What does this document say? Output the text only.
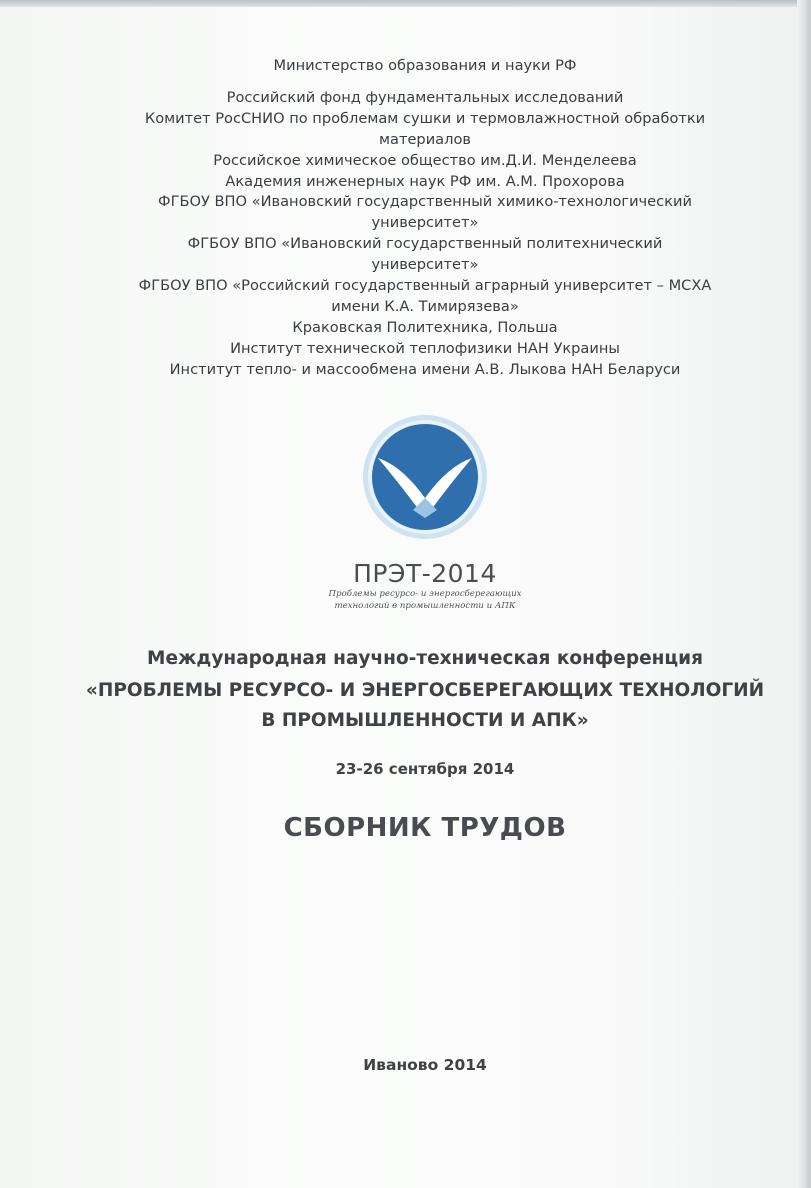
Министерство образования и науки РФ
Российский фонд фундаментальных исследований
Комитет РосСНИО по проблемам сушки и термовлажностной обработки
материалов
Российское химическое общество им.Д.И. Менделеева
Академия инженерных наук РФ им. А.М. Прохорова
ФГБОУ ВПО «Ивановский государственный химико-технологический
университет»
ФГБОУ ВПО «Ивановский государственный политехнический
университет»
ФГБОУ ВПО «Российский государственный аграрный университет – МСХА
имени К.А. Тимирязева»
Краковская Политехника, Польша
Институт технической теплофизики НАН Украины
Институт тепло- и массообмена имени А.В. Лыкова НАН Беларуси
ПРЭТ-2014
Проблемы ресурсо- и энергосберегающих
технологий в промышленности и АПК
Международная научно-техническая конференция
«ПРОБЛЕМЫ РЕСУРСО- И ЭНЕРГОСБЕРЕГАЮЩИХ ТЕХНОЛОГИЙ
В ПРОМЫШЛЕННОСТИ И АПК»
23-26 сентября 2014
СБОРНИК ТРУДОВ
Иваново 2014
